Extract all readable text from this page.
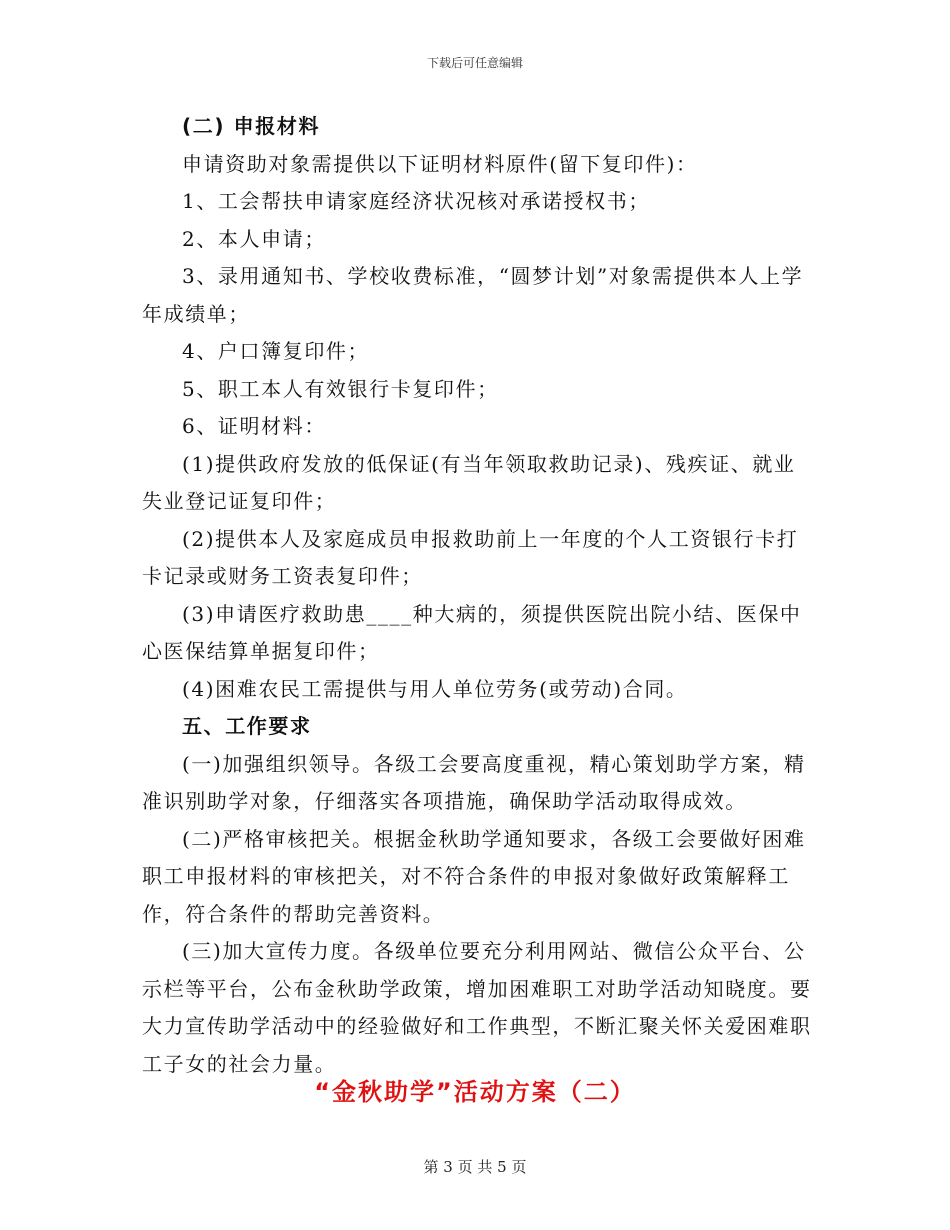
下载后可任意编辑

(二) 申报材料

申请资助对象需提供以下证明材料原件(留下复印件)：

1、工会帮扶申请家庭经济状况核对承诺授权书；

2、本人申请；

3、录用通知书、学校收费标准，“圆梦计划”对象需提供本人上学年成绩单；

4、户口簿复印件；

5、职工本人有效银行卡复印件；

6、证明材料：

(1)提供政府发放的低保证(有当年领取救助记录)、残疾证、就业失业登记证复印件；

(2)提供本人及家庭成员申报救助前上一年度的个人工资银行卡打卡记录或财务工资表复印件；

(3)申请医疗救助患____种大病的，须提供医院出院小结、医保中心医保结算单据复印件；

(4)困难农民工需提供与用人单位劳务(或劳动)合同。

五、工作要求

(一)加强组织领导。各级工会要高度重视，精心策划助学方案，精准识别助学对象，仔细落实各项措施，确保助学活动取得成效。

(二)严格审核把关。根据金秋助学通知要求，各级工会要做好困难职工申报材料的审核把关，对不符合条件的申报对象做好政策解释工作，符合条件的帮助完善资料。

(三)加大宣传力度。各级单位要充分利用网站、微信公众平台、公示栏等平台，公布金秋助学政策，增加困难职工对助学活动知晓度。要大力宣传助学活动中的经验做好和工作典型，不断汇聚关怀关爱困难职工子女的社会力量。

“金秋助学”活动方案（二）
第 3 页 共 5 页
